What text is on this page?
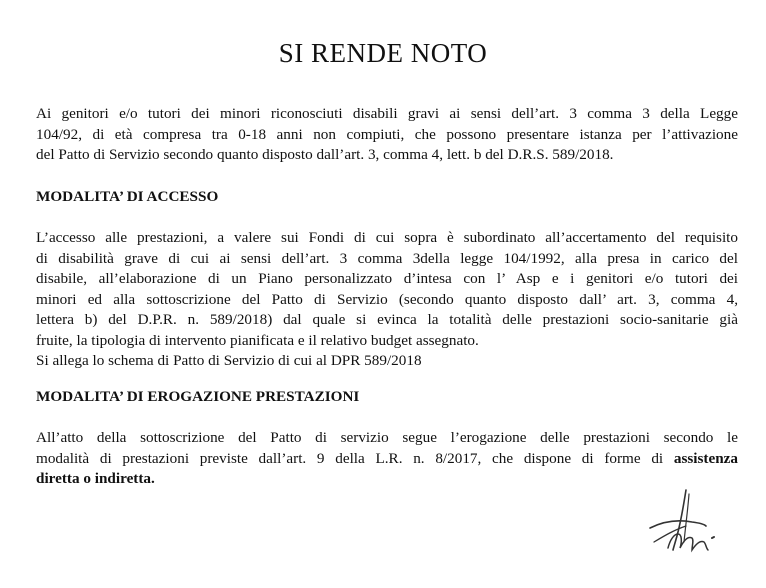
SI RENDE NOTO
Ai genitori e/o tutori dei minori riconosciuti disabili gravi ai sensi dell’art. 3 comma 3 della Legge
104/92, di età compresa tra 0-18 anni non compiuti, che possono presentare istanza per l’attivazione
del Patto di Servizio secondo quanto disposto dall’art. 3, comma 4, lett. b del D.R.S. 589/2018.
MODALITA’ DI ACCESSO
L’accesso alle prestazioni, a valere sui Fondi di cui sopra è subordinato all’accertamento del requisito
di disabilità grave di cui ai sensi dell’art. 3 comma 3della legge 104/1992, alla presa in carico del
disabile, all’elaborazione di un Piano personalizzato d’intesa con l’ Asp e i genitori e/o tutori dei
minori ed alla sottoscrizione del Patto di Servizio (secondo quanto disposto dall’ art. 3, comma 4,
lettera b) del D.P.R. n. 589/2018) dal quale si evinca la totalità delle prestazioni socio-sanitarie già
fruite, la tipologia di intervento pianificata e il relativo budget assegnato.
Si allega lo schema di Patto di Servizio di cui al DPR 589/2018
MODALITA’ DI EROGAZIONE PRESTAZIONI
All’atto della sottoscrizione del Patto di servizio segue l’erogazione delle prestazioni secondo le
modalità di prestazioni previste dall’art. 9 della L.R. n. 8/2017, che dispone di forme di assistenza
diretta o indiretta.
